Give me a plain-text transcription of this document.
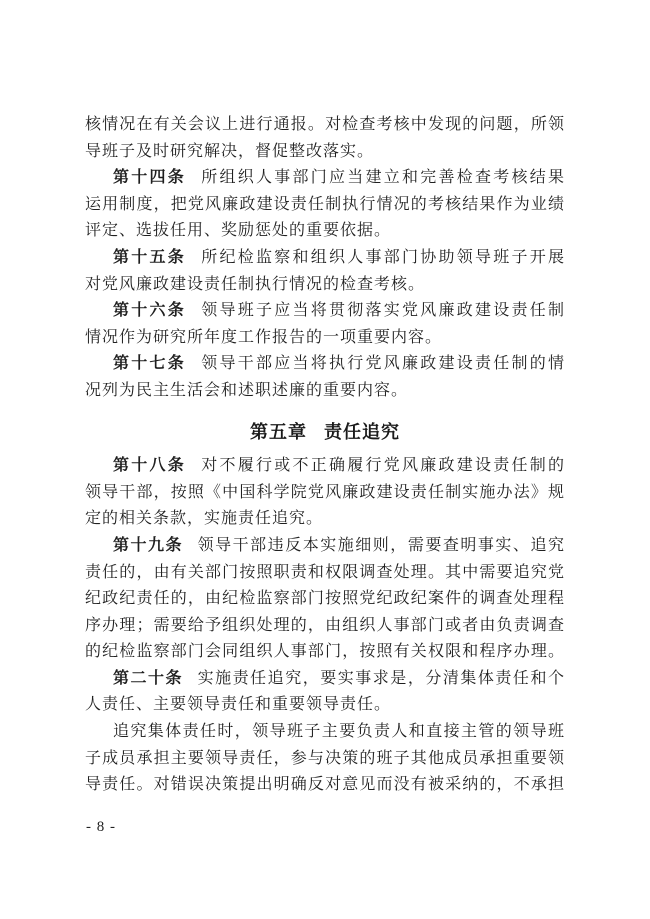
核情况在有关会议上进行通报。对检查考核中发现的问题，所领
导班子及时研究解决，督促整改落实。
第十四条 所组织人事部门应当建立和完善检查考核结果
运用制度，把党风廉政建设责任制执行情况的考核结果作为业绩
评定、选拔任用、奖励惩处的重要依据。
第十五条 所纪检监察和组织人事部门协助领导班子开展
对党风廉政建设责任制执行情况的检查考核。
第十六条 领导班子应当将贯彻落实党风廉政建设责任制
情况作为研究所年度工作报告的一项重要内容。
第十七条 领导干部应当将执行党风廉政建设责任制的情
况列为民主生活会和述职述廉的重要内容。
第五章 责任追究
第十八条 对不履行或不正确履行党风廉政建设责任制的
领导干部，按照《中国科学院党风廉政建设责任制实施办法》规
定的相关条款，实施责任追究。
第十九条 领导干部违反本实施细则，需要查明事实、追究
责任的，由有关部门按照职责和权限调查处理。其中需要追究党
纪政纪责任的，由纪检监察部门按照党纪政纪案件的调查处理程
序办理；需要给予组织处理的，由组织人事部门或者由负责调查
的纪检监察部门会同组织人事部门，按照有关权限和程序办理。
第二十条 实施责任追究，要实事求是，分清集体责任和个
人责任、主要领导责任和重要领导责任。
追究集体责任时，领导班子主要负责人和直接主管的领导班
子成员承担主要领导责任，参与决策的班子其他成员承担重要领
导责任。对错误决策提出明确反对意见而没有被采纳的，不承担
- 8 -
